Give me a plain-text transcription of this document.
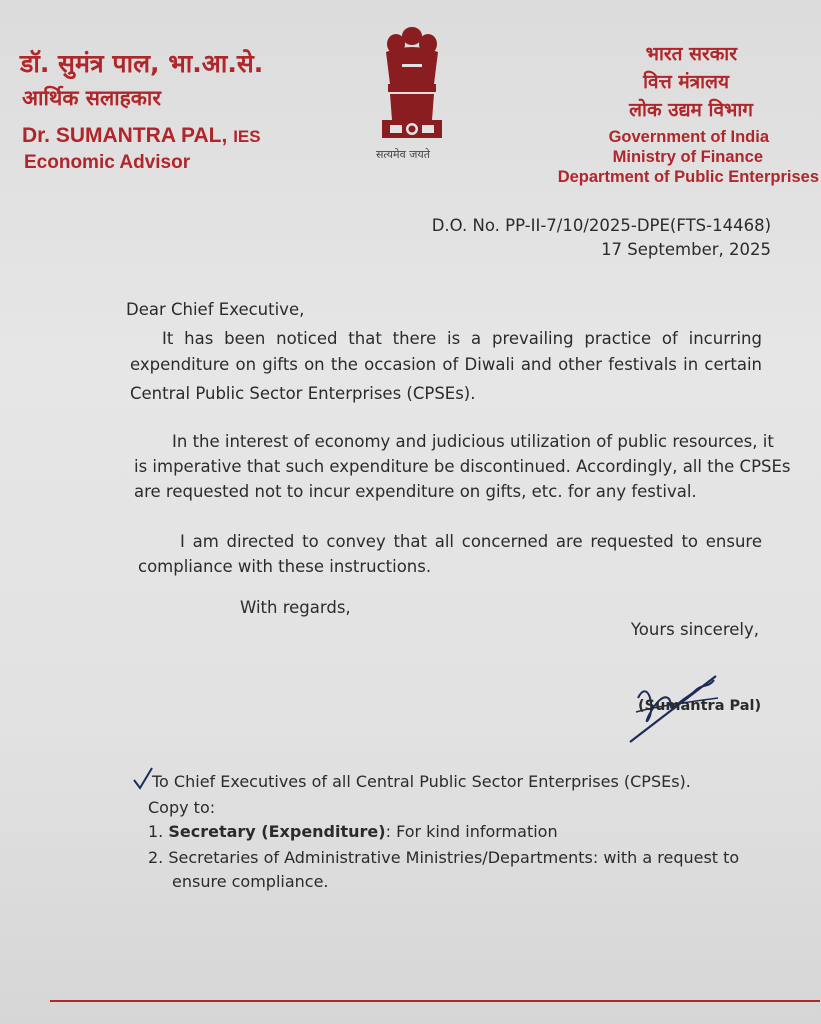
डॉ. सुमंत्र पाल, भा.आ.से.
आर्थिक सलाहकार
Dr. SUMANTRA PAL, IES
Economic Advisor	सत्यमेव जयते
भारत सरकार
वित्त मंत्रालय
लोक उद्यम विभाग
Government of India
Ministry of Finance
Department of Public Enterprises
D.O. No. PP-II-7/10/2025-DPE(FTS-14468)
17 September, 2025
Dear Chief Executive,
It has been noticed that there is a prevailing practice of incurring
expenditure on gifts on the occasion of Diwali and other festivals in certain
Central Public Sector Enterprises (CPSEs).
In the interest of economy and judicious utilization of public resources, it
is imperative that such expenditure be discontinued. Accordingly, all the CPSEs
are requested not to incur expenditure on gifts, etc. for any festival.
I am directed to convey that all concerned are requested to ensure
compliance with these instructions.
With regards,
Yours sincerely,
(Sumantra Pal)
To Chief Executives of all Central Public Sector Enterprises (CPSEs).
Copy to:
1. Secretary (Expenditure): For kind information
2. Secretaries of Administrative Ministries/Departments: with a request to
ensure compliance.
